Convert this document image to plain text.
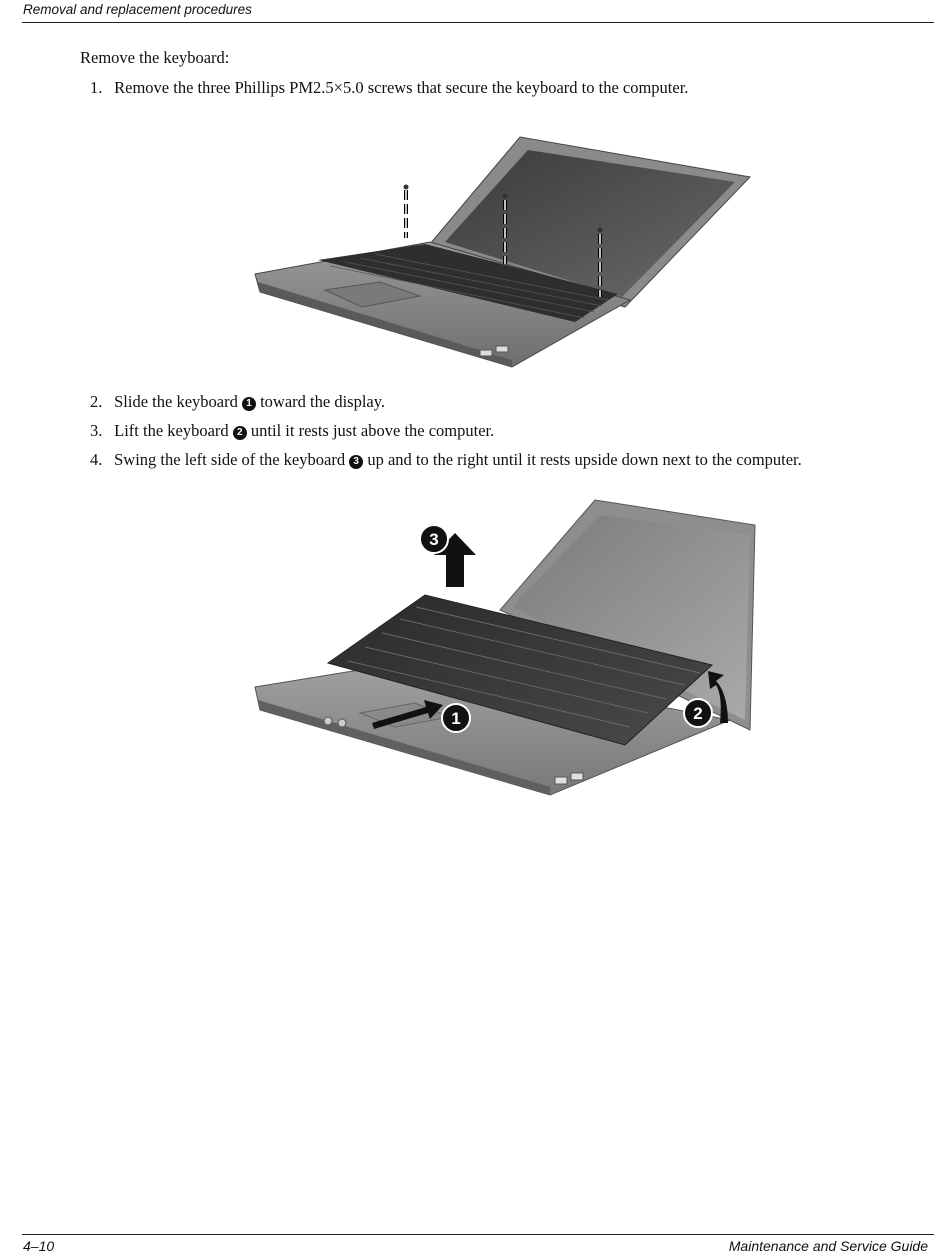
Removal and replacement procedures
Remove the keyboard:
1. Remove the three Phillips PM2.5×5.0 screws that secure the keyboard to the computer.
2. Slide the keyboard 1 toward the display.
3. Lift the keyboard 2 until it rests just above the computer.
4. Swing the left side of the keyboard 3 up and to the right until it rests upside down next to the computer.
1	2
3
4–10	Maintenance and Service Guide
